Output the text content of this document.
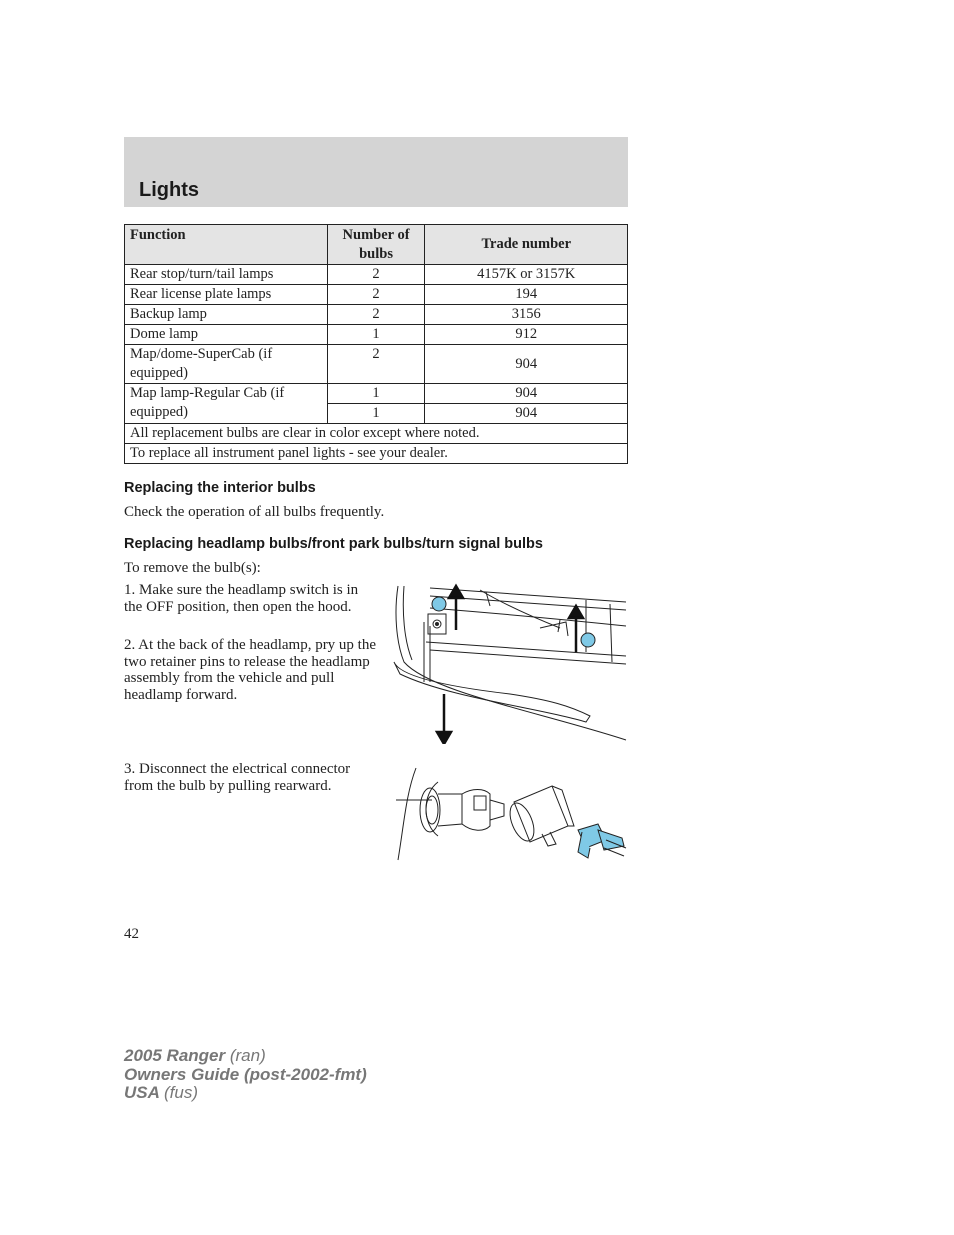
Lights
Function	Number of bulbs	Trade number
Rear stop/turn/tail lamps	2	4157K or 3157K
Rear license plate lamps	2	194
Backup lamp	2	3156
Dome lamp	1	912
Map/dome-SuperCab (if equipped)	2	904
Map lamp-Regular Cab (if equipped)	1	904
	1	904
All replacement bulbs are clear in color except where noted.		
To replace all instrument panel lights - see your dealer.		
Replacing the interior bulbs
Check the operation of all bulbs frequently.
Replacing headlamp bulbs/front park bulbs/turn signal bulbs
To remove the bulb(s):
1. Make sure the headlamp switch is in the OFF position, then open the hood.
2. At the back of the headlamp, pry up the two retainer pins to release the headlamp assembly from the vehicle and pull headlamp forward.
3. Disconnect the electrical connector from the bulb by pulling rearward.
42
2005 Ranger (ran)
Owners Guide (post-2002-fmt)
USA (fus)
